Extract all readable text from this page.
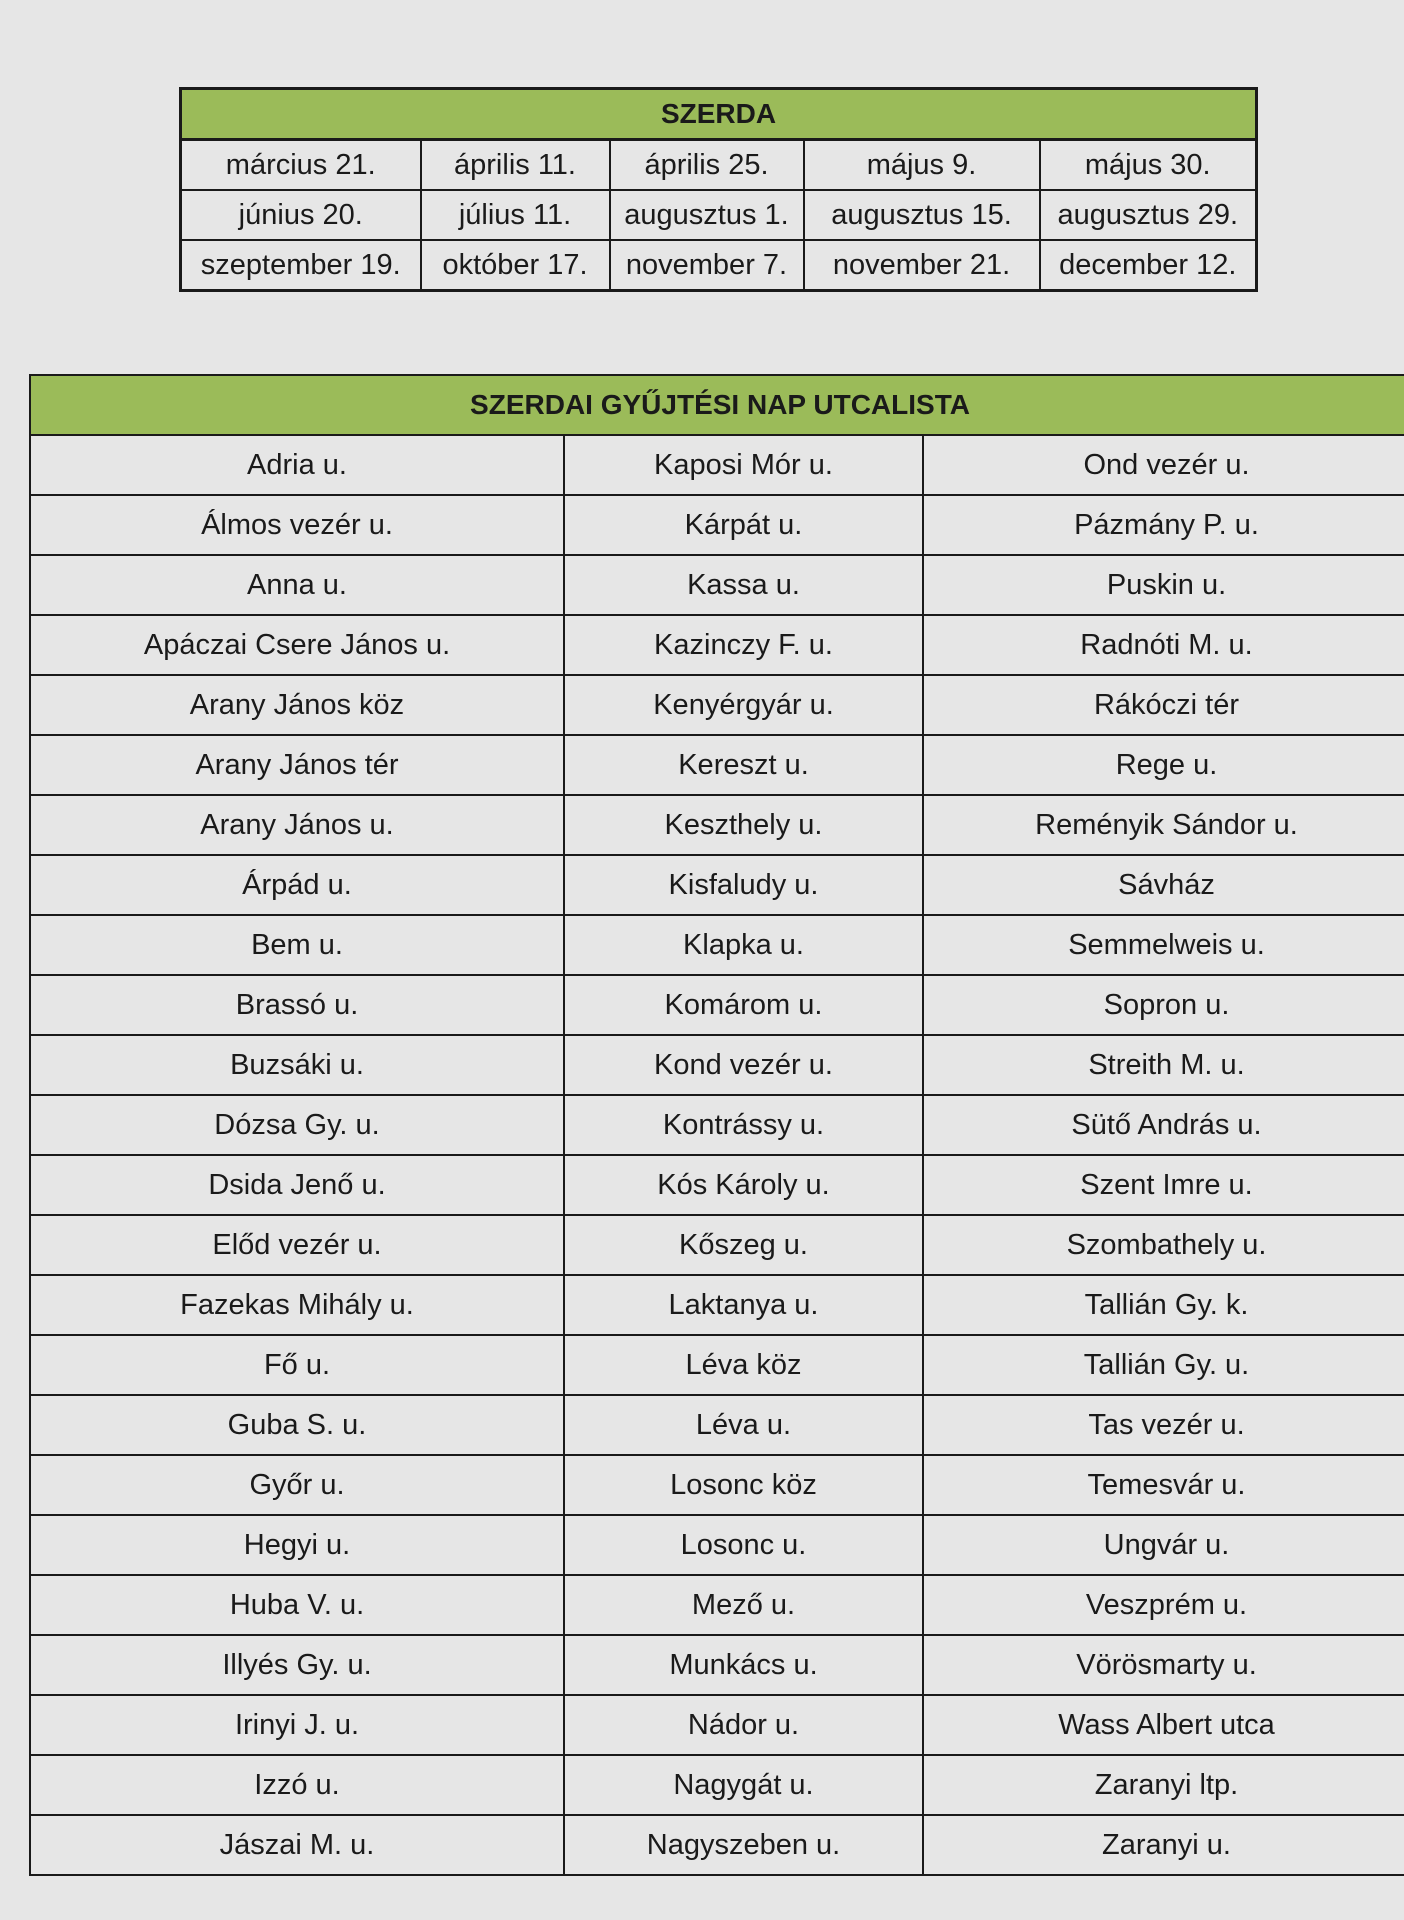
SZERDA				
március 21.	április 11.	április 25.	május 9.	május 30.
június 20.	július 11.	augusztus 1.	augusztus 15.	augusztus 29.
szeptember 19.	október 17.	november 7.	november 21.	december 12.
SZERDAI GYŰJTÉSI NAP UTCALISTA		
Adria u.	Kaposi Mór u.	Ond vezér u.
Álmos vezér u.	Kárpát u.	Pázmány P. u.
Anna u.	Kassa u.	Puskin u.
Apáczai Csere János u.	Kazinczy F. u.	Radnóti M. u.
Arany János köz	Kenyérgyár u.	Rákóczi tér
Arany János tér	Kereszt u.	Rege u.
Arany János u.	Keszthely u.	Reményik Sándor u.
Árpád u.	Kisfaludy u.	Sávház
Bem u.	Klapka u.	Semmelweis u.
Brassó u.	Komárom u.	Sopron u.
Buzsáki u.	Kond vezér u.	Streith M. u.
Dózsa Gy. u.	Kontrássy u.	Sütő András u.
Dsida Jenő u.	Kós Károly u.	Szent Imre u.
Előd vezér u.	Kőszeg u.	Szombathely u.
Fazekas Mihály u.	Laktanya u.	Tallián Gy. k.
Fő u.	Léva köz	Tallián Gy. u.
Guba S. u.	Léva u.	Tas vezér u.
Győr u.	Losonc köz	Temesvár u.
Hegyi u.	Losonc u.	Ungvár u.
Huba V. u.	Mező u.	Veszprém u.
Illyés Gy. u.	Munkács u.	Vörösmarty u.
Irinyi J. u.	Nádor u.	Wass Albert utca
Izzó u.	Nagygát u.	Zaranyi ltp.
Jászai M. u.	Nagyszeben u.	Zaranyi u.
